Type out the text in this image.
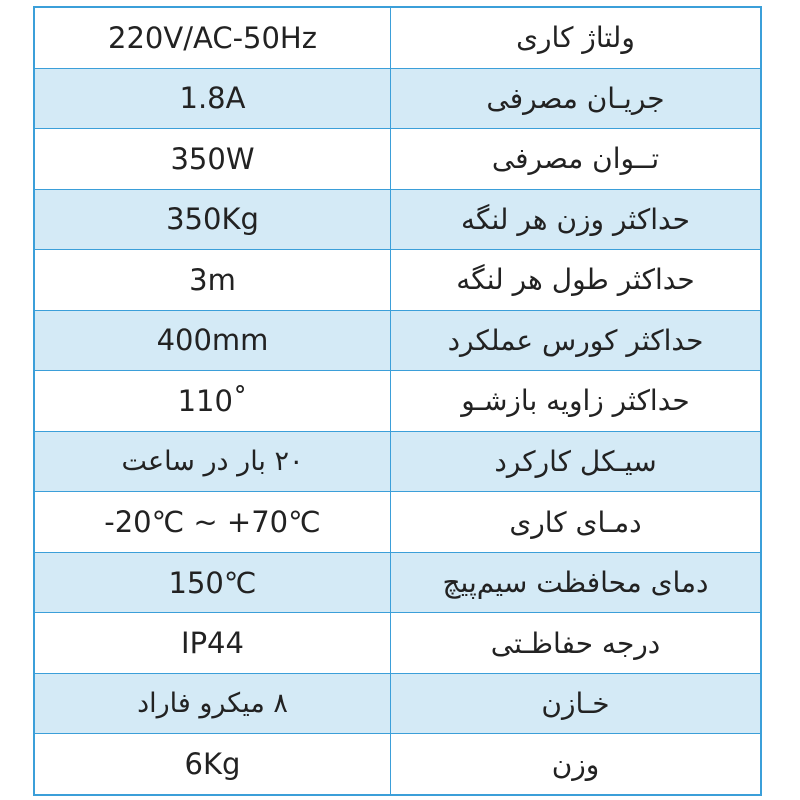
220V/AC-50Hz	ولتاژ کاری
1.8A	جریـان مصرفی
350W	تــوان مصرفی
350Kg	حداکثر وزن هر لنگه
3m	حداکثر طول هر لنگه
400mm	حداکثر کورس عملکرد
110˚	حداکثر زاویه بازشـو
۲۰ بار در ساعت	سیـکل کارکرد
-20℃ ~ +70℃	دمـای کاری
150℃	دمای محافظت سیم‌پیچ
IP44	درجه حفاظـتی
۸ میکرو فاراد	خـازن
6Kg	وزن
